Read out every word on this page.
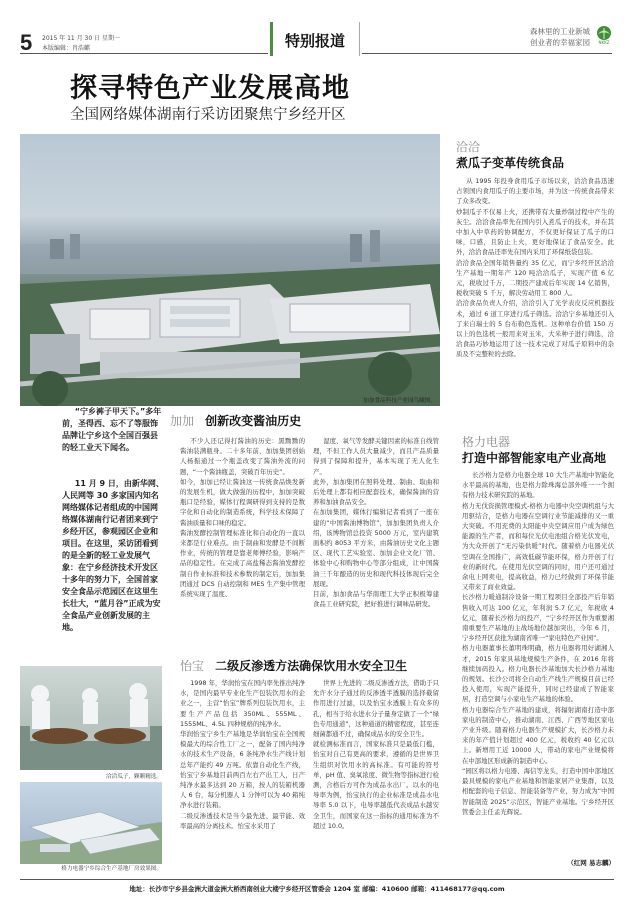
5 2015 年 11 月 30 日 星期一
本版编辑：肖浩麒	特别报道
森林里的工业新城
创业者的幸福家园	NKKZ
探寻特色产业发展高地
全国网络媒体湖南行采访团聚焦宁乡经开区
加加食品科技产业园鸟瞰图。
“宁乡裤子甲天下。”多年前，圣得西、忘不了等服饰品牌让宁乡这个全国百强县的轻工业天下闻名。
11 月 9 日，由新华网、人民网等 30 多家国内知名网络媒体记者组成的中国网络媒体湖南行记者团来到宁乡经开区，参观园区企业和项目。在这里，采访团看到的是全新的轻工业发展气象：在宁乡经济技术开发区十多年的努力下，全国首家安全食品示范园区在这里生长壮大，“蓝月谷”正成为安全食品产业创新发展的主地。
加加 创新改变酱油历史
不少人还记得打酱油的历史：黑黝黝的酱油装满瓶身。二十多年前，加加集团创始人杨振通过一个瓶盖改变了酱油外流的问题，“一个酱油瓶盖，突破百年历史”。
如今，加加已经让酱油这一传统食品焕发新的发展生机，做大做强的历程中，加加突破瓶口是经验，媒体行程调研得到支持的是数字化和自动化的制造系统，科学技术保障了酱油质量和口味的稳定。
酱油发酵控制管理标准化和自动化的一直以来都是行业难点。由于制曲和发酵是不间断作业，传统的管理是靠老师傅经验，影响产品的稳定性。在完成了高盐稀态酱油发酵控制自作业标准和技术参数的制定后，加加集团通过 DCS 自动控制和 MES 生产集中管理系统实现了温度、
湿度、氧气等发酵关键因素的标准自线管理，不但工作人员大量减少，而且产品质量得到了保障和提升，基本实现了无人化生产。
此外，加加集团在照料处理、制曲、取曲和后处理上都有相应配套技术，确保酱油的营养和加油食品安全。
在加加集团，媒体行编辑记者看到了一座在建的“中国酱油博物馆”，加加集团负责人介绍，该博物馆总投资 5000 万元，室内建筑面积约 8053 平方米，由酱油历史文化主题区、现代工艺实验室、加加企业文化厂馆、体验中心和购物中心等部分组成，让中国酱油三千年酿造的历史和现代科技体现后完全展现。
目前，加加食品与华南理工大学正积极筹建食品工业研究院，把好推进行调味品研发。
怡宝 二级反渗透方法确保饮用水安全卫生
1998 年，华润怡宝在国内率先推出纯净水，是国内最早专业化生产包装饮用水的企业之一，主营“怡宝”牌系列包装饮用水，主要生产产品包括 350ML、555ML、1555ML、4.5L 四种规格的纯净水。
华润怡宝宁乡生产基地是华润怡宝在全国规模最大的综合性工厂之一，配备了国内纯净水的技术生产设备，6 条纯净水生产线计划总年产能约 49 万吨。依靠自动化生产线，怡宝宁乡基地目前两百左右产出工人，日产纯净水最多达到 20 万箱，按人的装箱机器人 6 台，每分机器人 1 分钟可以为 40 箱纯净水进行装箱。
二级反渗透技术是当今最先进、最节能、效率最高的分离技术。怡宝水采用了
世界上先进的二级反渗透方法，借助于只允许水分子通过的反渗透半透膜的选择截留作用进行过滤，以及怡宝水透膜上有众多的孔，相当于给水进水分子量身定做了一个“绿色专用通道”，这种通道的精密程度，甚至连细菌都通不过，确保成品水的安全卫生。
就检测标准而言，国家标准只是最低门槛，怡宝对自己有更高的要求，遵循的是世界卫生组织对饮用水的高标准。有可能的符号单，pH 值、臭氧浓度、微生物等指标进行检测，合格后方可作为成品水出厂。以水的电导率为例，怡宝执行的企业标准是成品水电导率 5.0 以下，电导率越低代表成品水越安全卫生，而国家在这一指标的通用标准为不超过 10.0。
洽洽瓜子，颗颗精选。
格力电器宁乡综合生产基地厂房效果图。
洽洽
煮瓜子变革传统食品
从 1995 年投身食用瓜子市场以来，洽洽食品迅速占领国内食用瓜子的主要市场，并为这一传统食品带来了众多改变。
炒制瓜子不仅易上火，还携带有大量炒制过程中产生的灰尘。洽洽食品率先在国内引入煮瓜子的技术，并在其中加入中草药的协调配方，不仅更好保证了瓜子的口味，口感，且防止上火，更好地保证了食品安全。此外，洽洽食品还率先在国内采用了环保纸袋包装。
洽洽食品全国年销售量约 35 亿元，而宁乡经开区洽洽生产基地一期年产 120 吨洽洽瓜子，实现产值 6 亿元，税收过千万，二期投产建成后年实现 14 亿销售，税收突破 5 千万，解决劳动用工 800 人。
洽洽食品负责人介绍，洽洽引入了光学表皮反应机器技术，通过 6 道工序进行瓜子筛选。洽洽宁乡基地还引入了来自瑞士的 5 台布勒色选机。这种单台价值 150 万以上的色选机一般用来对玉米，大米种子进行筛选，洽洽食品巧妙地运用了这一技术完成了对瓜子原料中的杂质及不完整粒的去除。
格力电器
打造中部智能家电产业高地
长沙格力是格力电器全球 10 大生产基地中智能化水平最高的基地，也是格力除珠海总部外唯一一个拥有格力技术研究院的基地。
格力无伐资损管理模式-格格力电器中央空调机组与大用驱结合，是格力电器在空调行业节能减排的又一重大突破。不用充费的太阳能中央空调应用户成为绿色能源的生产者，而和每位光伏电池组合格光伏发电，为大众开创了“无污染供暖”时代。随着格力电器光伏空调在全国推广，高效低碳节能环保，格力开创了行业的新时代。在使用光伏空调的同时，用户还可通过余电上网卖电，提高收益，格力已经做到了环保节能又带来了商业效益。
长沙格力暖通制冷设备一期工程项目全部投产后年销售收入可达 100 亿元，年利润 5.7 亿元，年税收 4 亿元，随着长沙格力的投产，“宁乡经开区作为重要湘南重要生产基地的主战场地位越加突出，今年 6 月，宁乡经开区获批为湖南省唯一“家电特色产业园”。
格力电器董事长董明珠明确，格力电器将用好湖湘人才，2015 年家具基地规模生产条件，在 2016 年将继续加码投入。格力电器长沙基地加大长沙格力基地的规划。长沙公司将全自动生产线生产规模目前已经投入使用，实现产能提升，同时已经建成了智能家居，打造空调与小家电生产基地的体验。
格力电器综合生产基地的建成，将辐射湖南打造中部家电的制造中心，推动湖南、江西、广西等地区家电产业升级。随着格力电器生产规模扩大，长沙格力未来的年产值计划超过 400 亿元，税收约 40 亿元以上。新增用工近 10000 人，带动的家电产业规模将在中部地区形成新的制造中心。
“园区将以格力电器、海信等龙头，打造中国中部地区最具规模的家电产业基地和智能家居产业集群，以及相配套的电子信息、智能装备等产业，努力成为“中国智能制造 2025”示范区，智能产业基地。宁乡经开区管委会主任孟光辉说。
（红网 易志麟）
地址：长沙市宁乡县金洲大道金洲大桥西南创业大楼宁乡经开区管委会 1204 室 邮编：410600 邮箱：411468177@qq.com
